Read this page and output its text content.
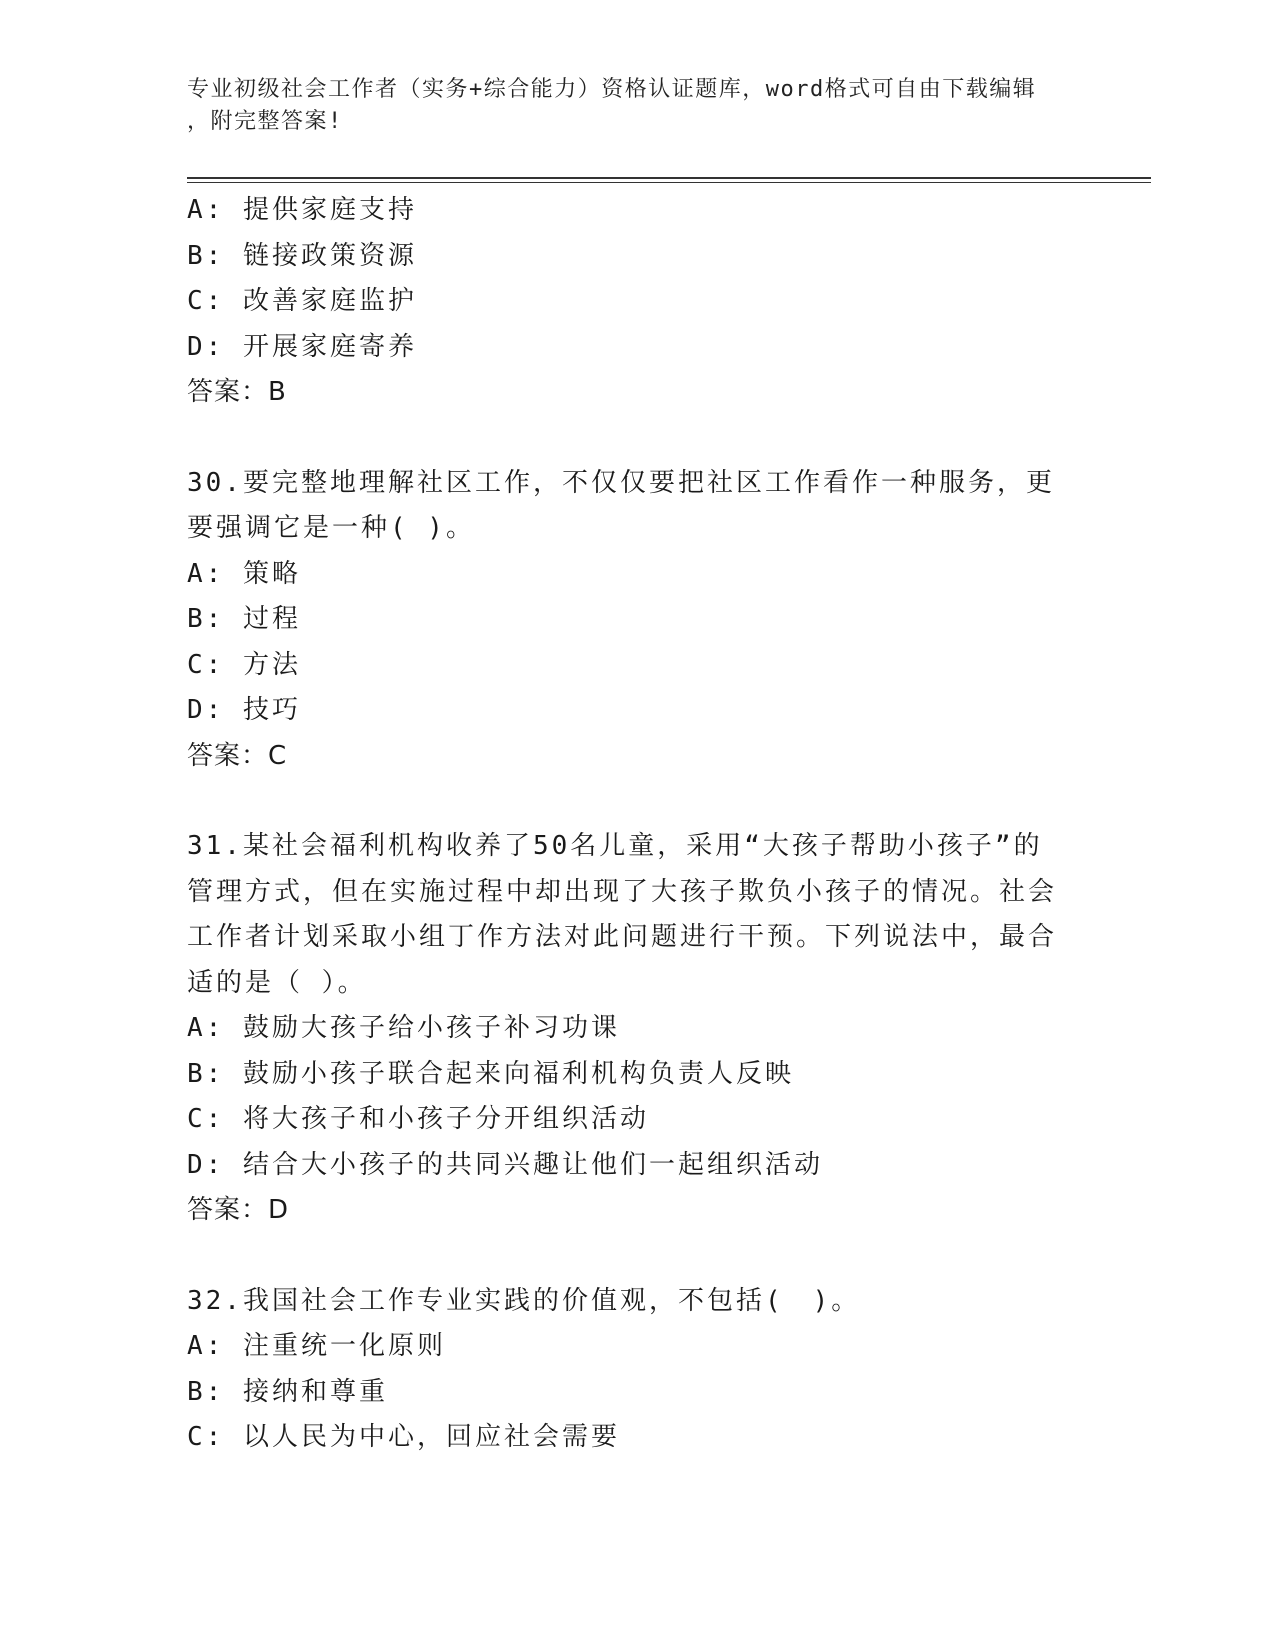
专业初级社会工作者（实务+综合能力）资格认证题库，word格式可自由下载编辑
，附完整答案!
A: 提供家庭支持
B: 链接政策资源
C: 改善家庭监护
D: 开展家庭寄养
答案：B
30.要完整地理解社区工作，不仅仅要把社区工作看作一种服务，更要强调它是一种( )。
A: 策略
B: 过程
C: 方法
D: 技巧
答案：C
31.某社会福利机构收养了50名儿童，采用“大孩子帮助小孩子”的管理方式，但在实施过程中却出现了大孩子欺负小孩子的情况。社会工作者计划采取小组丁作方法对此问题进行干预。下列说法中，最合适的是（ ）。
A: 鼓励大孩子给小孩子补习功课
B: 鼓励小孩子联合起来向福利机构负责人反映
C: 将大孩子和小孩子分开组织活动
D: 结合大小孩子的共同兴趣让他们一起组织活动
答案：D
32.我国社会工作专业实践的价值观，不包括(　)。
A: 注重统一化原则
B: 接纳和尊重
C: 以人民为中心，回应社会需要
